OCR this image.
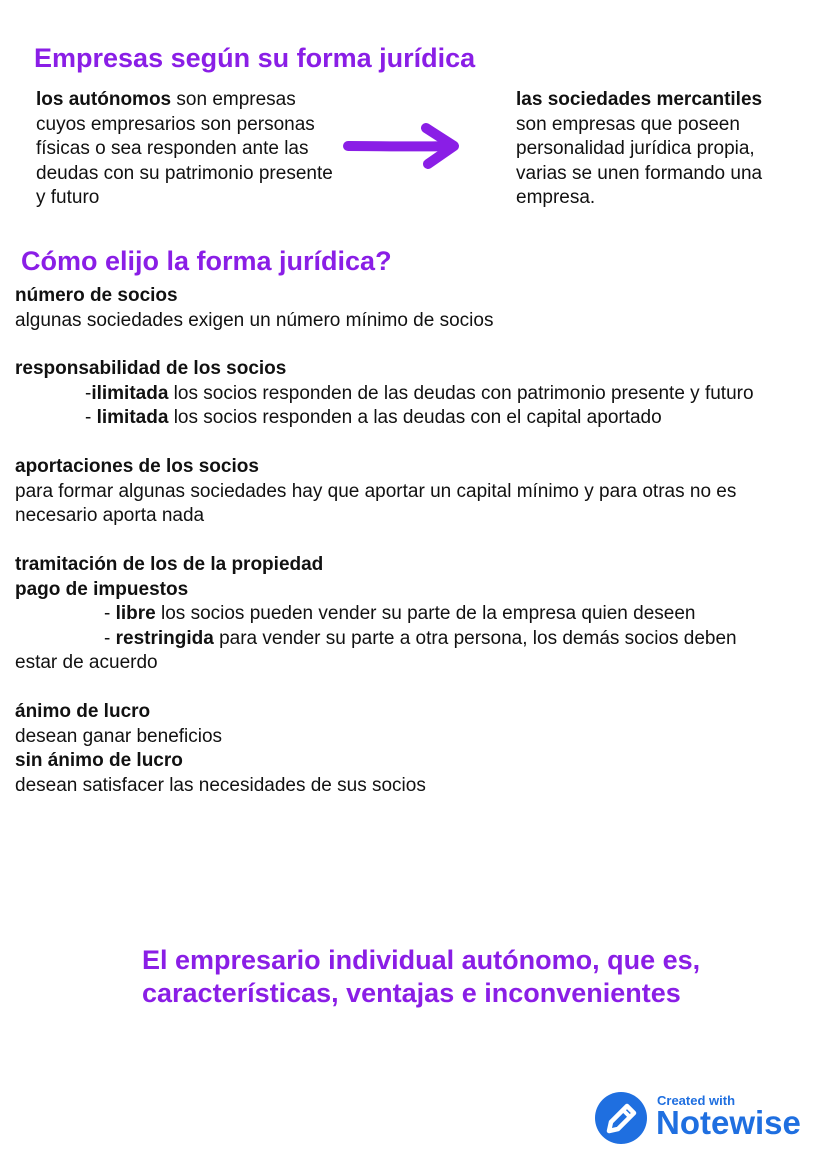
Empresas según su forma jurídica
los autónomos son empresas cuyos empresarios son personas físicas o sea responden ante las deudas con su patrimonio presente y futuro
las sociedades mercantiles
son empresas que poseen personalidad jurídica propia, varias se unen formando una empresa.
Cómo elijo la forma jurídica?
número de socios
algunas sociedades exigen un número mínimo de socios
responsabilidad de los socios
-ilimitada los socios responden de las deudas con patrimonio presente y futuro
- limitada los socios responden a las deudas con el capital aportado
aportaciones de los socios
para formar algunas sociedades hay que aportar un capital mínimo y para otras no es
necesario aporta nada
tramitación de los de la propiedad
pago de impuestos
- libre los socios pueden vender su parte de la empresa quien deseen
- restringida para vender su parte a otra persona, los demás socios deben
estar de acuerdo
ánimo de lucro
desean ganar beneficios
sin ánimo de lucro
desean satisfacer las necesidades de sus socios
El empresario individual autónomo, que es,
características, ventajas e inconvenientes
Created with
Notewise
